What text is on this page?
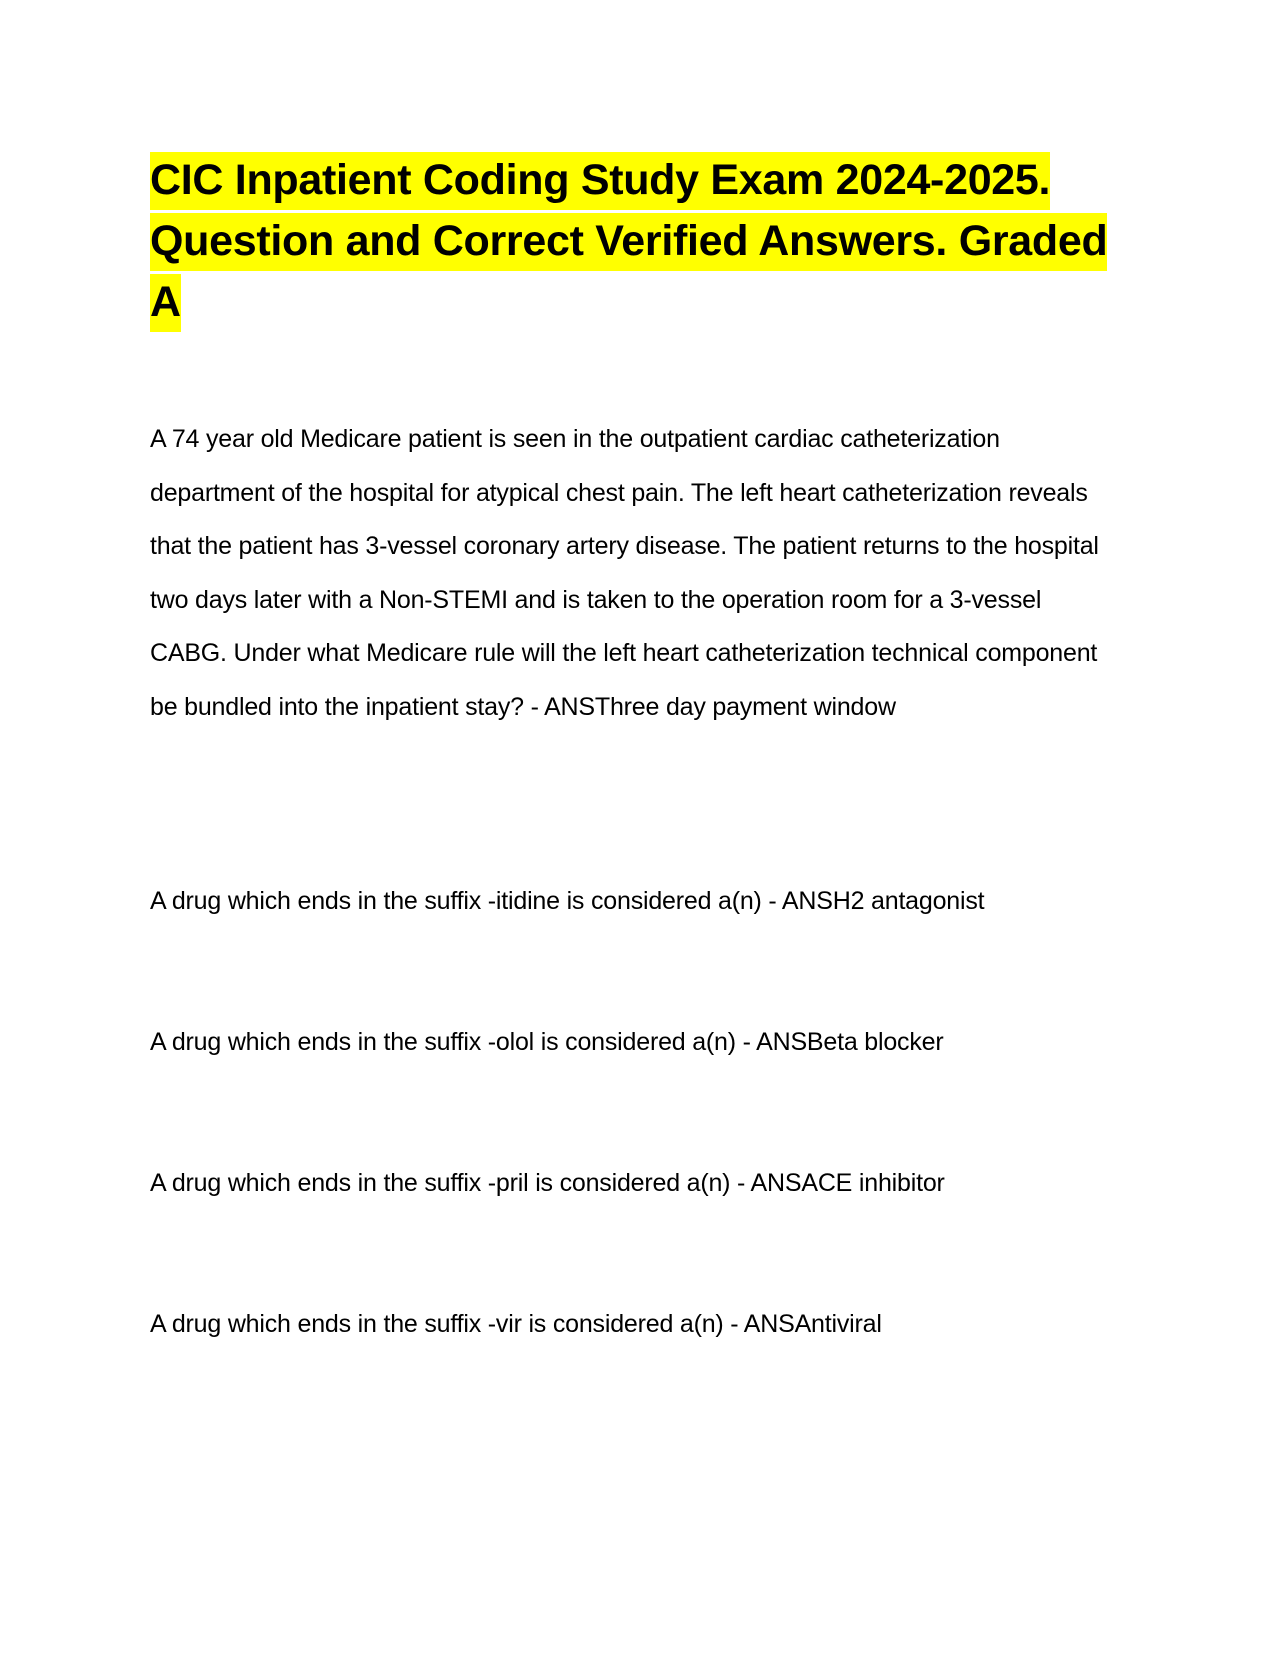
CIC Inpatient Coding Study Exam 2024-2025. Question and Correct Verified Answers. Graded A

A 74 year old Medicare patient is seen in the outpatient cardiac catheterization department of the hospital for atypical chest pain. The left heart catheterization reveals that the patient has 3-vessel coronary artery disease. The patient returns to the hospital two days later with a Non-STEMI and is taken to the operation room for a 3-vessel CABG. Under what Medicare rule will the left heart catheterization technical component be bundled into the inpatient stay? - ANSThree day payment window

A drug which ends in the suffix -itidine is considered a(n) - ANSH2 antagonist

A drug which ends in the suffix -olol is considered a(n) - ANSBeta blocker

A drug which ends in the suffix -pril is considered a(n) - ANSACE inhibitor

A drug which ends in the suffix -vir is considered a(n) - ANSAntiviral
